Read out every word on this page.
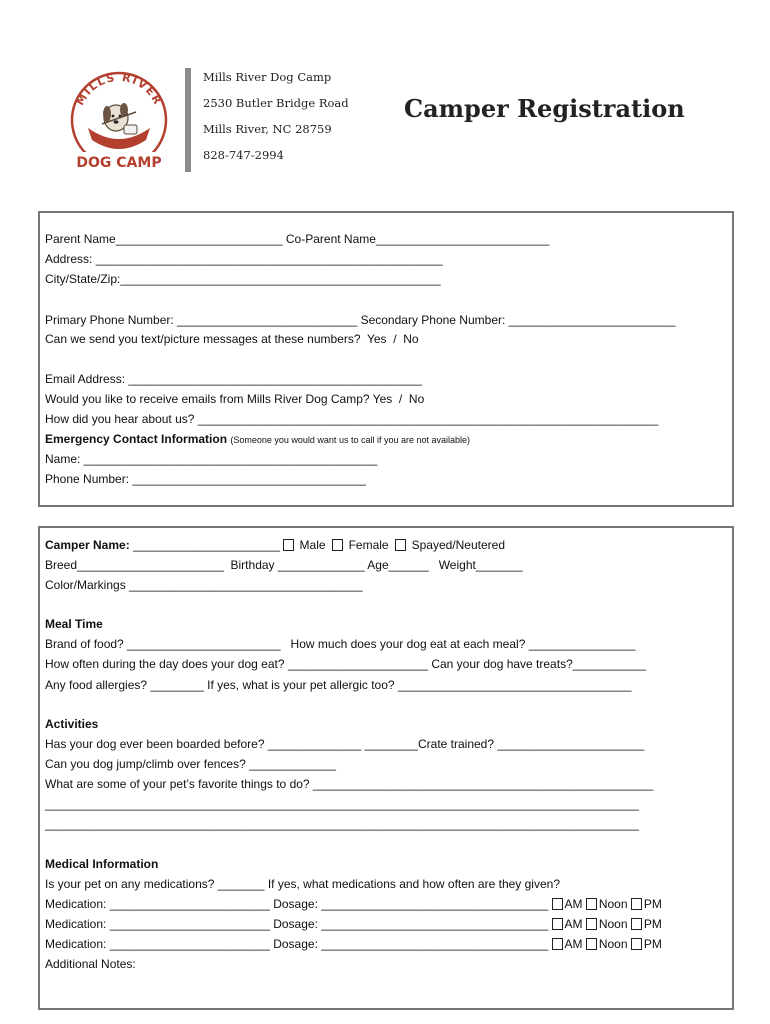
MILLS RIVER
DOG CAMP
Mills River Dog Camp
2530 Butler Bridge Road
Mills River, NC 28759
828-747-2994
Camper Registration
Parent Name_________________________ Co-Parent Name__________________________
Address: ____________________________________________________
City/State/Zip:________________________________________________
Primary Phone Number: ___________________________ Secondary Phone Number: _________________________
Can we send you text/picture messages at these numbers?  Yes  /  No
Email Address: ____________________________________________
Would you like to receive emails from Mills River Dog Camp? Yes  /  No
How did you hear about us? _____________________________________________________________________
Emergency Contact Information (Someone you would want us to call if you are not available)
Name: ____________________________________________
Phone Number: ___________________________________
Camper Name: ______________________  Male Female Spayed/Neutered
Breed______________________  Birthday _____________ Age______   Weight_______
Color/Markings ___________________________________
Meal Time
Brand of food? _______________________   How much does your dog eat at each meal? ________________
How often during the day does your dog eat? _____________________ Can your dog have treats?___________
Any food allergies? ________ If yes, what is your pet allergic too? ___________________________________
Activities
Has your dog ever been boarded before? ______________ ________Crate trained? ______________________
Can you dog jump/climb over fences? _____________
What are some of your pet’s favorite things to do? ___________________________________________________
_________________________________________________________________________________________
_________________________________________________________________________________________
Medical Information
Is your pet on any medications? _______ If yes, what medications and how often are they given?
Medication: ________________________ Dosage: __________________________________ AM Noon PM
Medication: ________________________ Dosage: __________________________________ AM Noon PM
Medication: ________________________ Dosage: __________________________________ AM Noon PM
Additional Notes:
